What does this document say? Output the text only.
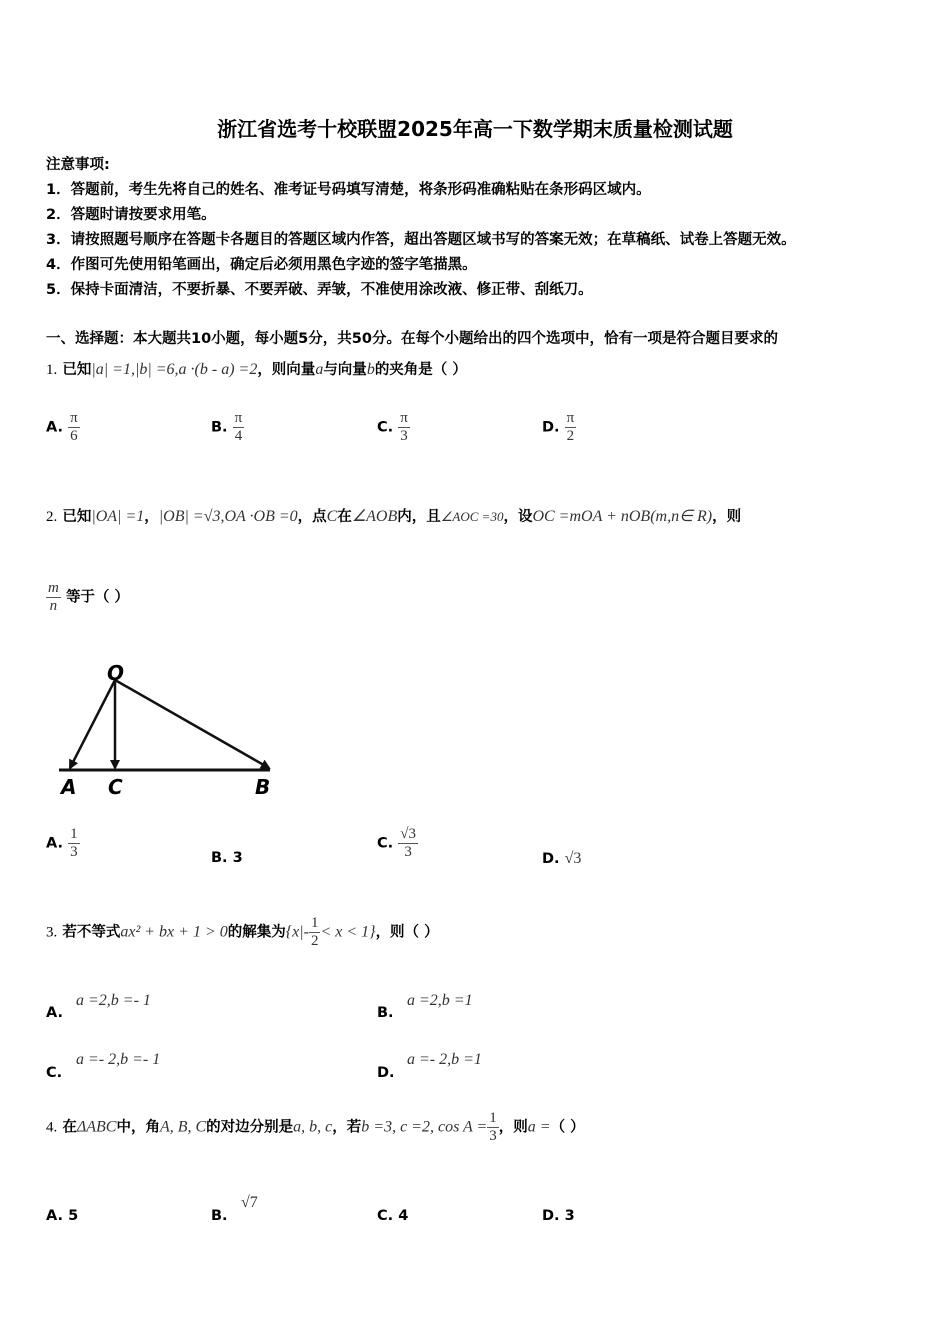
浙江省选考十校联盟2025年高一下数学期末质量检测试题
注意事项:
1．答题前，考生先将自己的姓名、准考证号码填写清楚，将条形码准确粘贴在条形码区域内。
2．答题时请按要求用笔。
3．请按照题号顺序在答题卡各题目的答题区域内作答，超出答题区域书写的答案无效；在草稿纸、试卷上答题无效。
4．作图可先使用铅笔画出，确定后必须用黑色字迹的签字笔描黑。
5．保持卡面清洁，不要折暴、不要弄破、弄皱，不准使用涂改液、修正带、刮纸刀。
一、选择题：本大题共10小题，每小题5分，共50分。在每个小题给出的四个选项中，恰有一项是符合题目要求的
1. 已知|a| =1,|b| =6,a ·(b - a) =2，则向量a与向量b的夹角是（ ）
A. $\frac{\pi}{6}$	B. $\frac{\pi}{4}$	C. $\frac{\pi}{3}$	D. $\frac{\pi}{2}$
2. 已知|OA| =1，|OB| =√3,OA ·OB =0，点C在∠AOB内，且∠AOC =30，设OC =mOA + nOB(m,n∈ R)，则
$\frac{m}{n}$ 等于（ ）
O
A C	B
A. $\frac{1}{3}$	B. 3
C. $\frac{√3}{3}$	D. √3
3. 若不等式ax² + bx + 1 > 0的解集为$\{x|- \frac{1}{2} < x < 1\}$，则（ ）
a =2,b =- 1
A.
a =2,b =1
B.
a =- 2,b =- 1
C.
a =- 2,b =1
D.
4. 在ΔABC中，角A, B, C的对边分别是a, b, c，若b =3, c =2, $\cos A = \frac{1}{3}$ ，则a =（ ）
A. 5
√7
B.	C. 4	D. 3
